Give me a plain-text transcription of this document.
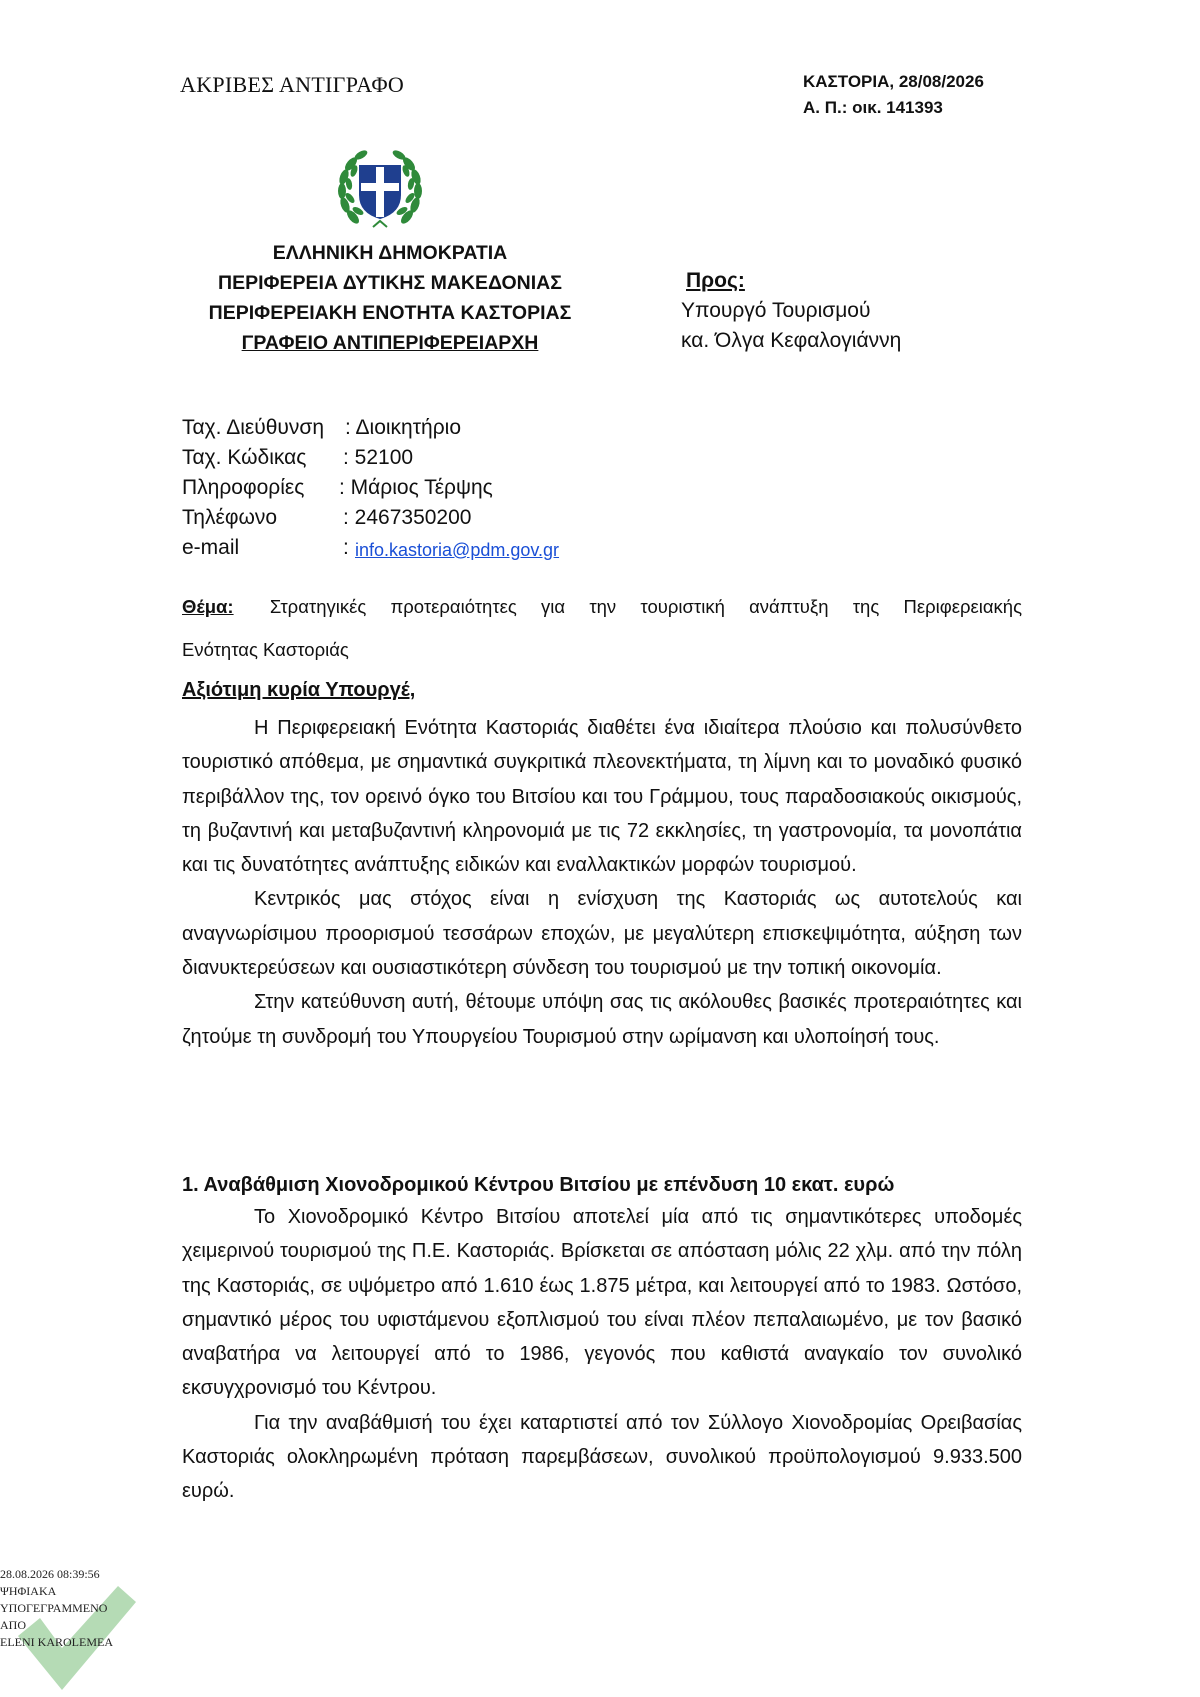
ΑΚΡΙΒΕΣ ΑΝΤΙΓΡΑΦΟ	ΚΑΣΤΟΡΙΑ, 28/08/2026
Α. Π.: οικ. 141393
ΕΛΛΗΝΙΚΗ ΔΗΜΟΚΡΑΤΙΑ
ΠΕΡΙΦΕΡΕΙΑ ΔΥΤΙΚΗΣ ΜΑΚΕΔΟΝΙΑΣ
ΠΕΡΙΦΕΡΕΙΑΚΗ ΕΝΟΤΗΤΑ ΚΑΣΤΟΡΙΑΣ
ΓΡΑΦΕΙΟ ΑΝΤΙΠΕΡΙΦΕΡΕΙΑΡΧΗ
Προς:
Υπουργό Τουρισμού
κα. Όλγα Κεφαλογιάννη
Ταχ. Διεύθυνση : Διοικητήριο
Ταχ. Κώδικας : 52100
Πληροφορίες : Μάριος Τέρψης
Τηλέφωνο	: 2467350200
e-mail	: info.kastoria@pdm.gov.gr
Θέμα: Στρατηγικές προτεραιότητες για την τουριστική ανάπτυξη της Περιφερειακής
Ενότητας Καστοριάς
Αξιότιμη κυρία Υπουργέ,

Η Περιφερειακή Ενότητα Καστοριάς διαθέτει ένα ιδιαίτερα πλούσιο και πολυσύνθετο τουριστικό απόθεμα, με σημαντικά συγκριτικά πλεονεκτήματα, τη λίμνη και το μοναδικό φυσικό περιβάλλον της, τον ορεινό όγκο του Βιτσίου και του Γράμμου, τους παραδοσιακούς οικισμούς, τη βυζαντινή και μεταβυζαντινή κληρονομιά με τις 72 εκκλησίες, τη γαστρονομία, τα μονοπάτια και τις δυνατότητες ανάπτυξης ειδικών και εναλλακτικών μορφών τουρισμού.

Κεντρικός μας στόχος είναι η ενίσχυση της Καστοριάς ως αυτοτελούς και αναγνωρίσιμου προορισμού τεσσάρων εποχών, με μεγαλύτερη επισκεψιμότητα, αύξηση των διανυκτερεύσεων και ουσιαστικότερη σύνδεση του τουρισμού με την τοπική οικονομία.

Στην κατεύθυνση αυτή, θέτουμε υπόψη σας τις ακόλουθες βασικές προτεραιότητες και ζητούμε τη συνδρομή του Υπουργείου Τουρισμού στην ωρίμανση και υλοποίησή τους.

1. Αναβάθμιση Χιονοδρομικού Κέντρου Βιτσίου με επένδυση 10 εκατ. ευρώ

Το Χιονοδρομικό Κέντρο Βιτσίου αποτελεί μία από τις σημαντικότερες υποδομές χειμερινού τουρισμού της Π.Ε. Καστοριάς. Βρίσκεται σε απόσταση μόλις 22 χλμ. από την πόλη της Καστοριάς, σε υψόμετρο από 1.610 έως 1.875 μέτρα, και λειτουργεί από το 1983. Ωστόσο, σημαντικό μέρος του υφιστάμενου εξοπλισμού του είναι πλέον πεπαλαιωμένο, με τον βασικό αναβατήρα να λειτουργεί από το 1986, γεγονός που καθιστά αναγκαίο τον συνολικό εκσυγχρονισμό του Κέντρου.

Για την αναβάθμισή του έχει καταρτιστεί από τον Σύλλογο Χιονοδρομίας Ορειβασίας Καστοριάς ολοκληρωμένη πρόταση παρεμβάσεων, συνολικού προϋπολογισμού 9.933.500 ευρώ.

28.08.2026 08:39:56
ΨΗΦΙΑΚΑ
ΥΠΟΓΕΓΡΑΜΜΕΝΟ
ΑΠΟ
ELENI KAROLEMEA
